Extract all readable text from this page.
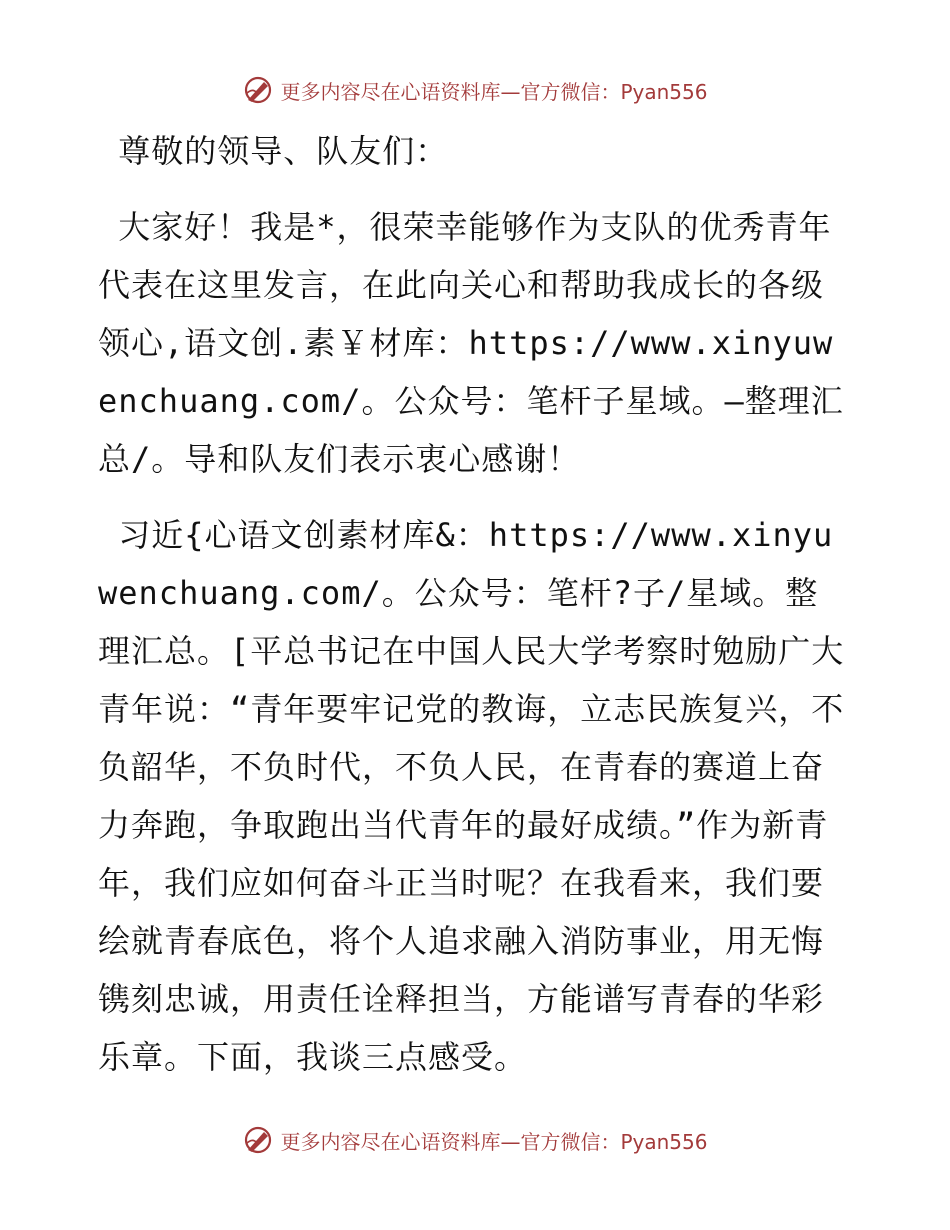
更多内容尽在心语资料库—官方微信：Pyan556

尊敬的领导、队友们：

大家好！我是*，很荣幸能够作为支队的优秀青年代表在这里发言，在此向关心和帮助我成长的各级领心,语文创.素￥材库：https://www.xinyuwenchuang.com/。公众号：笔杆子星域。—整理汇总/。导和队友们表示衷心感谢！

习近{心语文创素材库&：https://www.xinyuwenchuang.com/。公众号：笔杆?子/星域。整理汇总。[平总书记在中国人民大学考察时勉励广大青年说：“青年要牢记党的教诲，立志民族复兴，不负韶华，不负时代，不负人民，在青春的赛道上奋力奔跑，争取跑出当代青年的最好成绩。”作为新青年，我们应如何奋斗正当时呢？在我看来，我们要绘就青春底色，将个人追求融入消防事业，用无悔镌刻忠诚，用责任诠释担当，方能谱写青春的华彩乐章。下面，我谈三点感受。

更多内容尽在心语资料库—官方微信：Pyan556
